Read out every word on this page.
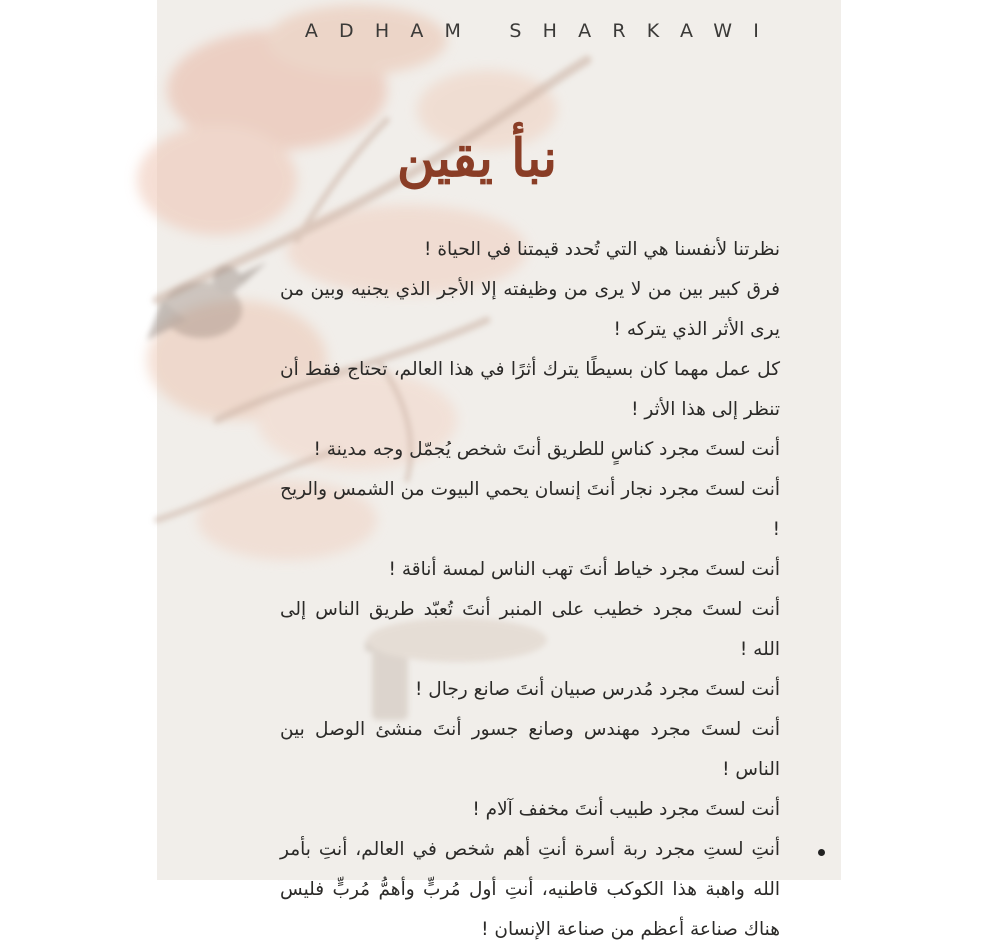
ADHAM SHARKAWI
نبأ يقين

نظرتنا لأنفسنا هي التي تُحدد قيمتنا في الحياة !

فرق كبير بين من لا يرى من وظيفته إلا الأجر الذي يجنيه وبين من يرى الأثر الذي يتركه !

كل عمل مهما كان بسيطًا يترك أثرًا في هذا العالم، تحتاج فقط أن تنظر إلى هذا الأثر !

أنت لستَ مجرد كناسٍ للطريق أنتَ شخص يُجمّل وجه مدينة !

أنت لستَ مجرد نجار أنتَ إنسان يحمي البيوت من الشمس والريح !

أنت لستَ مجرد خياط أنتَ تهب الناس لمسة أناقة !

أنت لستَ مجرد خطيب على المنبر أنتَ تُعبّد طريق الناس إلى الله !

أنت لستَ مجرد مُدرس صبيان أنتَ صانع رجال !

أنت لستَ مجرد مهندس وصانع جسور أنتَ منشئ الوصل بين الناس !

أنت لستَ مجرد طبيب أنتَ مخفف آلام !

أنتِ لستِ مجرد ربة أسرة أنتِ أهم شخص في العالم، أنتِ بأمر الله واهبة هذا الكوكب قاطنيه، أنتِ أول مُربٍّ وأهمُّ مُربٍّ فليس هناك صناعة أعظم من صناعة الإنسان !
